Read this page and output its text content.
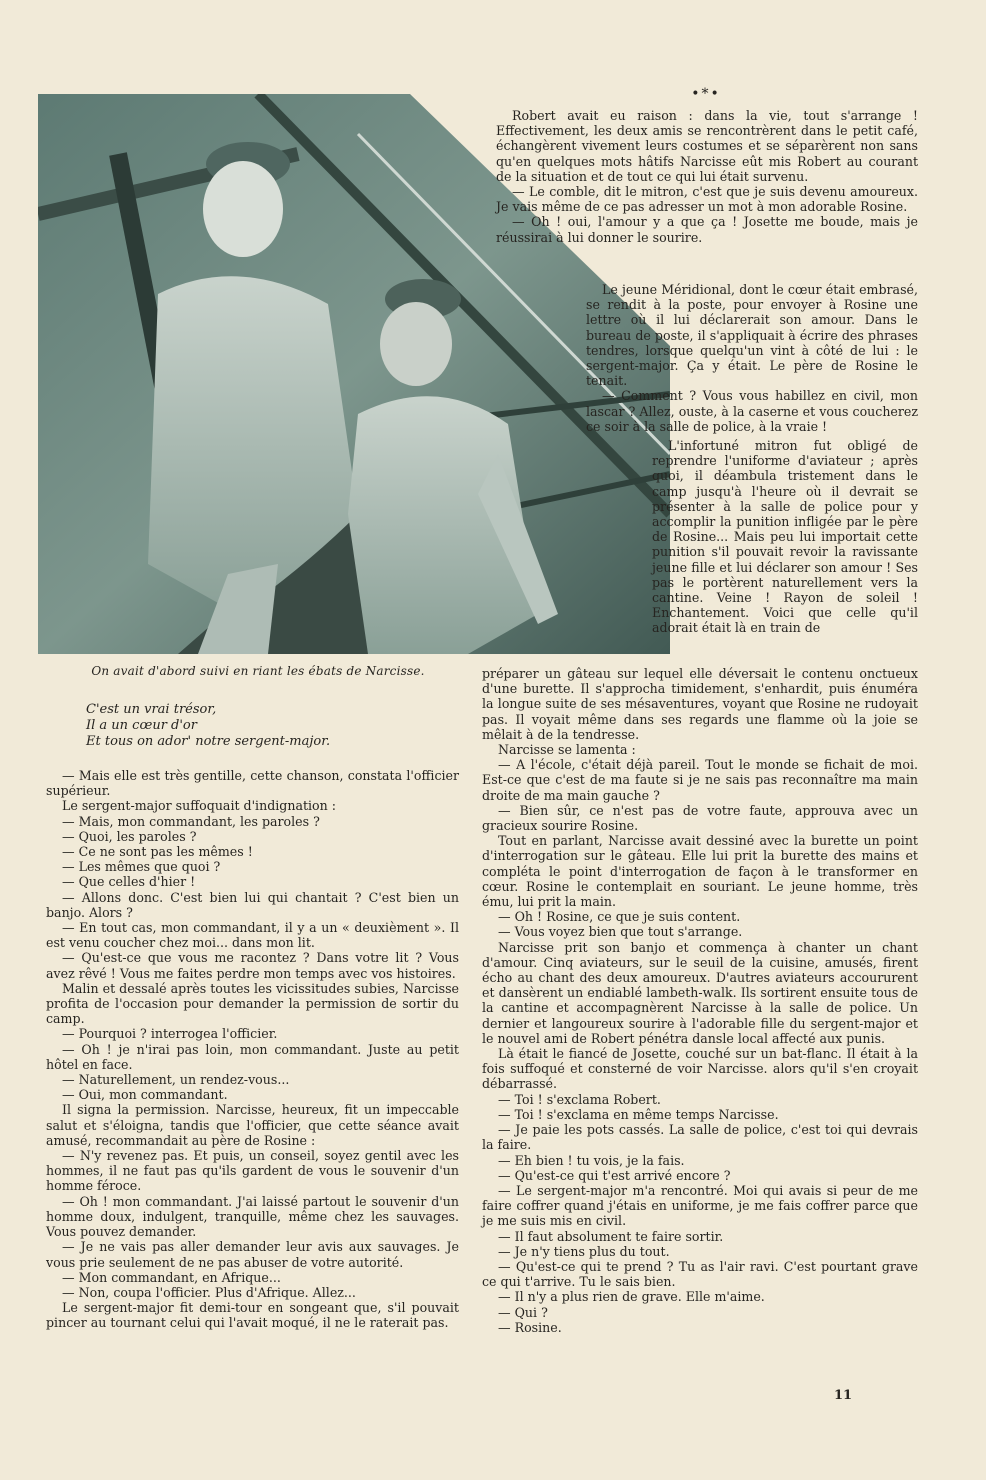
•*•
On avait d'abord suivi en riant les ébats de Narcisse.
C'est un vrai trésor,
Il a un cœur d'or
Et tous on ador' notre sergent-major.

Robert avait eu raison : dans la vie, tout s'arrange ! Effectivement, les deux amis se rencontrèrent dans le petit café, échangèrent vivement leurs costumes et se séparèrent non sans qu'en quelques mots hâtifs Narcisse eût mis Robert au courant de la situation et de tout ce qui lui était survenu.

— Le comble, dit le mitron, c'est que je suis devenu amoureux. Je vais même de ce pas adresser un mot à mon adorable Rosine.

— Oh ! oui, l'amour y a que ça ! Josette me boude, mais je réussirai à lui donner le sourire.

Le jeune Méridional, dont le cœur était embrasé, se rendit à la poste, pour envoyer à Rosine une lettre où il lui déclarerait son amour. Dans le bureau de poste, il s'appliquait à écrire des phrases tendres, lorsque quelqu'un vint à côté de lui : le sergent-major. Ça y était. Le père de Rosine le tenait.

— Comment ? Vous vous habillez en civil, mon lascar ? Allez, ouste, à la caserne et vous coucherez ce soir à la salle de police, à la vraie !

L'infortuné mitron fut obligé de reprendre l'uniforme d'aviateur ; après quoi, il déambula tristement dans le camp jusqu'à l'heure où il devrait se présenter à la salle de police pour y accomplir la punition infligée par le père de Rosine... Mais peu lui importait cette punition s'il pouvait revoir la ravissante jeune fille et lui déclarer son amour ! Ses pas le portèrent naturellement vers la cantine. Veine ! Rayon de soleil ! Enchantement. Voici que celle qu'il adorait était là en train de

préparer un gâteau sur lequel elle déversait le contenu onctueux d'une burette. Il s'approcha timidement, s'enhardit, puis énuméra la longue suite de ses mésaventures, voyant que Rosine ne rudoyait pas. Il voyait même dans ses regards une flamme où la joie se mêlait à de la tendresse.

Narcisse se lamenta :

— A l'école, c'était déjà pareil. Tout le monde se fichait de moi. Est-ce que c'est de ma faute si je ne sais pas reconnaître ma main droite de ma main gauche ?

— Bien sûr, ce n'est pas de votre faute, approuva avec un gracieux sourire Rosine.

Tout en parlant, Narcisse avait dessiné avec la burette un point d'interrogation sur le gâteau. Elle lui prit la burette des mains et compléta le point d'interrogation de façon à le transformer en cœur. Rosine le contemplait en souriant. Le jeune homme, très ému, lui prit la main.

— Oh ! Rosine, ce que je suis content.

— Vous voyez bien que tout s'arrange.

Narcisse prit son banjo et commença à chanter un chant d'amour. Cinq aviateurs, sur le seuil de la cuisine, amusés, firent écho au chant des deux amoureux. D'autres aviateurs accoururent et dansèrent un endiablé lambeth-walk. Ils sortirent ensuite tous de la cantine et accompagnèrent Narcisse à la salle de police. Un dernier et langoureux sourire à l'adorable fille du sergent-major et le nouvel ami de Robert pénétra dansle local affecté aux punis.

Là était le fiancé de Josette, couché sur un bat-flanc. Il était à la fois suffoqué et consterné de voir Narcisse. alors qu'il s'en croyait débarrassé.

— Toi ! s'exclama Robert.

— Toi ! s'exclama en même temps Narcisse.

— Je paie les pots cassés. La salle de police, c'est toi qui devrais la faire.

— Eh bien ! tu vois, je la fais.

— Qu'est-ce qui t'est arrivé encore ?

— Le sergent-major m'a rencontré. Moi qui avais si peur de me faire coffrer quand j'étais en uniforme, je me fais coffrer parce que je me suis mis en civil.

— Il faut absolument te faire sortir.

— Je n'y tiens plus du tout.

— Qu'est-ce qui te prend ? Tu as l'air ravi. C'est pourtant grave ce qui t'arrive. Tu le sais bien.

— Il n'y a plus rien de grave. Elle m'aime.

— Qui ?

— Rosine.

— Mais elle est très gentille, cette chanson, constata l'officier supérieur.

Le sergent-major suffoquait d'indignation :

— Mais, mon commandant, les paroles ?

— Quoi, les paroles ?

— Ce ne sont pas les mêmes !

— Les mêmes que quoi ?

— Que celles d'hier !

— Allons donc. C'est bien lui qui chantait ? C'est bien un banjo. Alors ?

— En tout cas, mon commandant, il y a un « deuxièment ». Il est venu coucher chez moi... dans mon lit.

— Qu'est-ce que vous me racontez ? Dans votre lit ? Vous avez rêvé ! Vous me faites perdre mon temps avec vos histoires.

Malin et dessalé après toutes les vicissitudes subies, Narcisse profita de l'occasion pour demander la permission de sortir du camp.

— Pourquoi ? interrogea l'officier.

— Oh ! je n'irai pas loin, mon commandant. Juste au petit hôtel en face.

— Naturellement, un rendez-vous...

— Oui, mon commandant.

Il signa la permission. Narcisse, heureux, fit un impeccable salut et s'éloigna, tandis que l'officier, que cette séance avait amusé, recommandait au père de Rosine :

— N'y revenez pas. Et puis, un conseil, soyez gentil avec les hommes, il ne faut pas qu'ils gardent de vous le souvenir d'un homme féroce.

— Oh ! mon commandant. J'ai laissé partout le souvenir d'un homme doux, indulgent, tranquille, même chez les sauvages. Vous pouvez demander.

— Je ne vais pas aller demander leur avis aux sauvages. Je vous prie seulement de ne pas abuser de votre autorité.

— Mon commandant, en Afrique...

— Non, coupa l'officier. Plus d'Afrique. Allez...

Le sergent-major fit demi-tour en songeant que, s'il pouvait pincer au tournant celui qui l'avait moqué, il ne le raterait pas.

11
